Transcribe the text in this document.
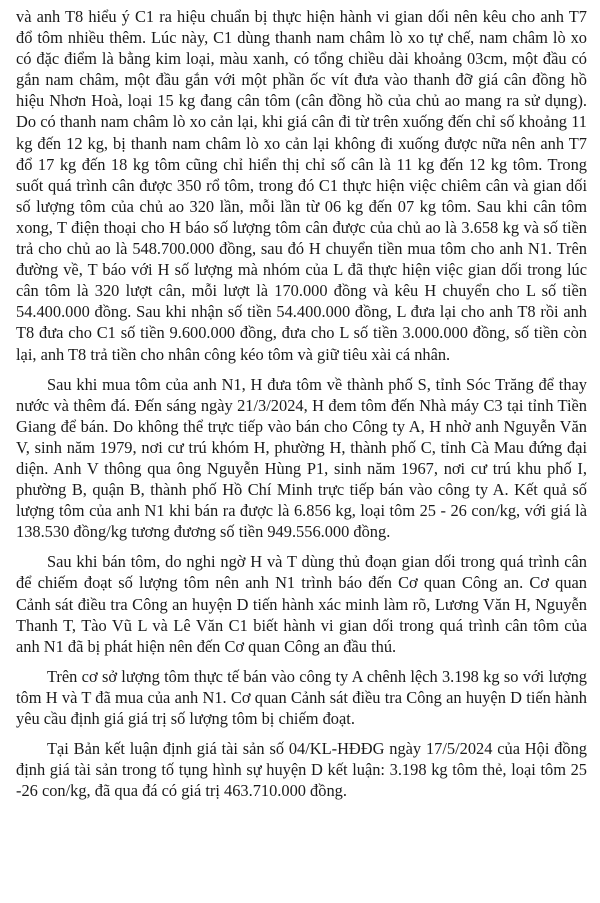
và anh T8 hiểu ý C1 ra hiệu chuẩn bị thực hiện hành vi gian dối nên kêu cho anh T7 đổ tôm nhiều thêm. Lúc này, C1 dùng thanh nam châm lò xo tự chế, nam châm lò xo có đặc điểm là bằng kim loại, màu xanh, có tổng chiều dài khoảng 03cm, một đầu có gắn nam châm, một đầu gắn với một phần ốc vít đưa vào thanh đỡ giá cân đồng hồ hiệu Nhơn Hoà, loại 15 kg đang cân tôm (cân đồng hồ của chủ ao mang ra sử dụng). Do có thanh nam châm lò xo cản lại, khi giá cân đi từ trên xuống đến chỉ số khoảng 11 kg đến 12 kg, bị thanh nam châm lò xo cản lại không đi xuống được nữa nên anh T7 đổ 17 kg đến 18 kg tôm cũng chỉ hiển thị chỉ số cân là 11 kg đến 12 kg tôm. Trong suốt quá trình cân được 350 rổ tôm, trong đó C1 thực hiện việc chiêm cân và gian dối số lượng tôm của chủ ao 320 lần, mỗi lần từ 06 kg đến 07 kg tôm. Sau khi cân tôm xong, T điện thoại cho H báo số lượng tôm cân được của chủ ao là 3.658 kg và số tiền trả cho chủ ao là 548.700.000 đồng, sau đó H chuyển tiền mua tôm cho anh N1. Trên đường về, T báo với H số lượng mà nhóm của L đã thực hiện việc gian dối trong lúc cân tôm là 320 lượt cân, mỗi lượt là 170.000 đồng và kêu H chuyển cho L số tiền 54.400.000 đồng. Sau khi nhận số tiền 54.400.000 đồng, L đưa lại cho anh T8 rồi anh T8 đưa cho C1 số tiền 9.600.000 đồng, đưa cho L số tiền 3.000.000 đồng, số tiền còn lại, anh T8 trả tiền cho nhân công kéo tôm và giữ tiêu xài cá nhân.

Sau khi mua tôm của anh N1, H đưa tôm về thành phố S, tỉnh Sóc Trăng để thay nước và thêm đá. Đến sáng ngày 21/3/2024, H đem tôm đến Nhà máy C3 tại tỉnh Tiền Giang để bán. Do không thể trực tiếp vào bán cho Công ty A, H nhờ anh Nguyễn Văn V, sinh năm 1979, nơi cư trú khóm H, phường H, thành phố C, tỉnh Cà Mau đứng đại diện. Anh V thông qua ông Nguyễn Hùng P1, sinh năm 1967, nơi cư trú khu phố I, phường B, quận B, thành phố Hồ Chí Minh trực tiếp bán vào công ty A. Kết quả số lượng tôm của anh N1 khi bán ra được là 6.856 kg, loại tôm 25 - 26 con/kg, với giá là 138.530 đồng/kg tương đương số tiền 949.556.000 đồng.

Sau khi bán tôm, do nghi ngờ H và T dùng thủ đoạn gian dối trong quá trình cân để chiếm đoạt số lượng tôm nên anh N1 trình báo đến Cơ quan Công an. Cơ quan Cảnh sát điều tra Công an huyện D tiến hành xác minh làm rõ, Lương Văn H, Nguyễn Thanh T, Tào Vũ L và Lê Văn C1 biết hành vi gian dối trong quá trình cân tôm của anh N1 đã bị phát hiện nên đến Cơ quan Công an đầu thú.

Trên cơ sở lượng tôm thực tế bán vào công ty A chênh lệch 3.198 kg so với lượng tôm H và T đã mua của anh N1. Cơ quan Cảnh sát điều tra Công an huyện D tiến hành yêu cầu định giá giá trị số lượng tôm bị chiếm đoạt.

Tại Bản kết luận định giá tài sản số 04/KL-HĐĐG ngày 17/5/2024 của Hội đồng định giá tài sản trong tố tụng hình sự huyện D kết luận: 3.198 kg tôm thẻ, loại tôm 25 -26 con/kg, đã qua đá có giá trị 463.710.000 đồng.
